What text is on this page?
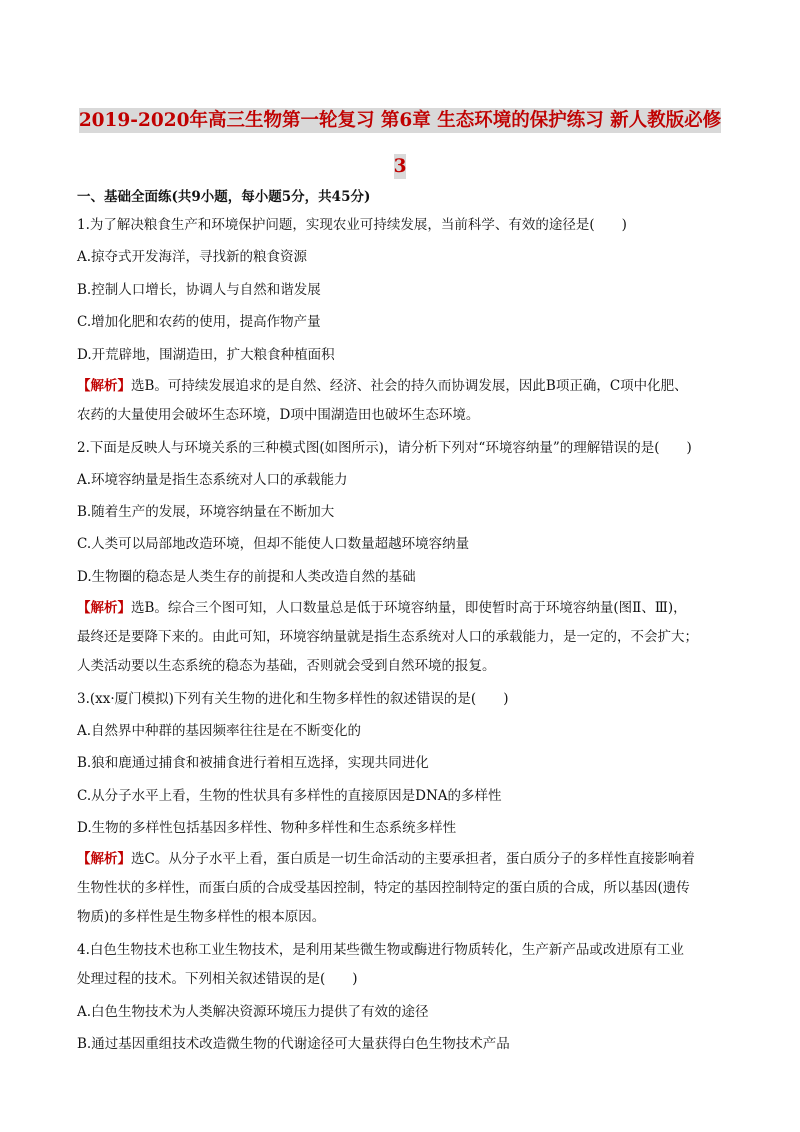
2019-2020年高三生物第一轮复习 第6章 生态环境的保护练习 新人教版必修
3
一、基础全面练(共9小题，每小题5分，共45分)
1.为了解决粮食生产和环境保护问题，实现农业可持续发展，当前科学、有效的途径是(　　)
A.掠夺式开发海洋，寻找新的粮食资源
B.控制人口增长，协调人与自然和谐发展
C.增加化肥和农药的使用，提高作物产量
D.开荒辟地，围湖造田，扩大粮食种植面积
【解析】选B。可持续发展追求的是自然、经济、社会的持久而协调发展，因此B项正确，C项中化肥、
农药的大量使用会破坏生态环境，D项中围湖造田也破坏生态环境。
2.下面是反映人与环境关系的三种模式图(如图所示)，请分析下列对“环境容纳量”的理解错误的是(　　)
A.环境容纳量是指生态系统对人口的承载能力
B.随着生产的发展，环境容纳量在不断加大
C.人类可以局部地改造环境，但却不能使人口数量超越环境容纳量
D.生物圈的稳态是人类生存的前提和人类改造自然的基础
【解析】选B。综合三个图可知，人口数量总是低于环境容纳量，即使暂时高于环境容纳量(图Ⅱ、Ⅲ)，
最终还是要降下来的。由此可知，环境容纳量就是指生态系统对人口的承载能力，是一定的，不会扩大；
人类活动要以生态系统的稳态为基础，否则就会受到自然环境的报复。
3.(xx·厦门模拟)下列有关生物的进化和生物多样性的叙述错误的是(　　)
A.自然界中种群的基因频率往往是在不断变化的
B.狼和鹿通过捕食和被捕食进行着相互选择，实现共同进化
C.从分子水平上看，生物的性状具有多样性的直接原因是DNA的多样性
D.生物的多样性包括基因多样性、物种多样性和生态系统多样性
【解析】选C。从分子水平上看，蛋白质是一切生命活动的主要承担者，蛋白质分子的多样性直接影响着
生物性状的多样性，而蛋白质的合成受基因控制，特定的基因控制特定的蛋白质的合成，所以基因(遗传
物质)的多样性是生物多样性的根本原因。
4.白色生物技术也称工业生物技术，是利用某些微生物或酶进行物质转化，生产新产品或改进原有工业
处理过程的技术。下列相关叙述错误的是(　　)
A.白色生物技术为人类解决资源环境压力提供了有效的途径
B.通过基因重组技术改造微生物的代谢途径可大量获得白色生物技术产品
